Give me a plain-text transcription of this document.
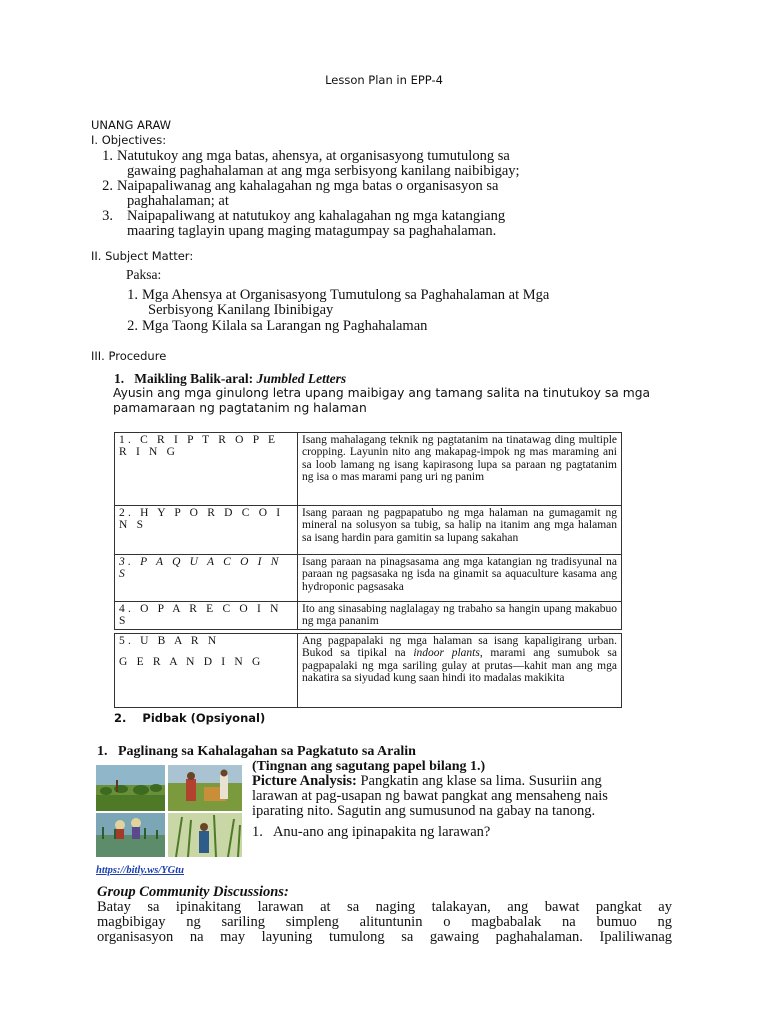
Lesson Plan in EPP-4
UNANG ARAW
I. Objectives:
1. Natutukoy ang mga batas, ahensya, at organisasyong tumutulong sa
gawaing paghahalaman at ang mga serbisyong kanilang naibibigay;
2. Naipapaliwanag ang kahalagahan ng mga batas o organisasyon sa
paghahalaman; at
3. Naipapaliwang at natutukoy ang kahalagahan ng mga katangiang
maaring taglayin upang maging matagumpay sa paghahalaman.
II. Subject Matter:
Paksa:
1. Mga Ahensya at Organisasyong Tumutulong sa Paghahalaman at Mga
Serbisyong Kanilang Ibinibigay
2. Mga Taong Kilala sa Larangan ng Paghahalaman
III. Procedure
1. Maikling Balik-aral: Jumbled Letters
Ayusin ang mga ginulong letra upang maibigay ang tamang salita na tinutukoy sa mga
pamamaraan ng pagtatanim ng halaman
1. C R I P T R O P E R I N G	Isang mahalagang teknik ng pagtatanim na tinatawag ding multiple cropping. Layunin nito ang makapag-impok ng mas maraming ani sa loob lamang ng isang kapirasong lupa sa paraan ng pagtatanim ng isa o mas marami pang uri ng panim
2. H Y P O R D C O I N S	Isang paraan ng pagpapatubo ng mga halaman na gumagamit ng mineral na solusyon sa tubig, sa halip na itanim ang mga halaman sa isang hardin para gamitin sa lupang sakahan
3. P A Q U A C O I N S	Isang paraan na pinagsasama ang mga katangian ng tradisyunal na paraan ng pagsasaka ng isda na ginamit sa aquaculture kasama ang hydroponic pagsasaka
4. O P A R E C O I N S	Ito ang sinasabing naglalagay ng trabaho sa hangin upang makabuo ng mga pananim
5. U B A R N
G E R A N D I N G
	Ang pagpapalaki ng mga halaman sa isang kapaligirang urban. Bukod sa tipikal na indoor plants, marami ang sumubok sa pagpapalaki ng mga sariling gulay at prutas—kahit man ang mga nakatira sa siyudad kung saan hindi ito madalas makikita
2. Pidbak (Opsiyonal)
1. Paglinang sa Kahalagahan sa Pagkatuto sa Aralin
(Tingnan ang sagutang papel bilang 1.)
https://bitly.ws/YGtu
Picture Analysis: Pangkatin ang klase sa lima. Susuriin ang
larawan at pag-usapan ng bawat pangkat ang mensaheng nais
iparating nito. Sagutin ang sumusunod na gabay na tanong.
1. Anu-ano ang ipinapakita ng larawan?
Group Community Discussions:
Batay sa ipinakitang larawan at sa naging talakayan, ang bawat pangkat ay
magbibigay ng sariling simpleng alituntunin o magbabalak na bumuo ng
organisasyon na may layuning tumulong sa gawaing paghahalaman. Ipaliliwanag
